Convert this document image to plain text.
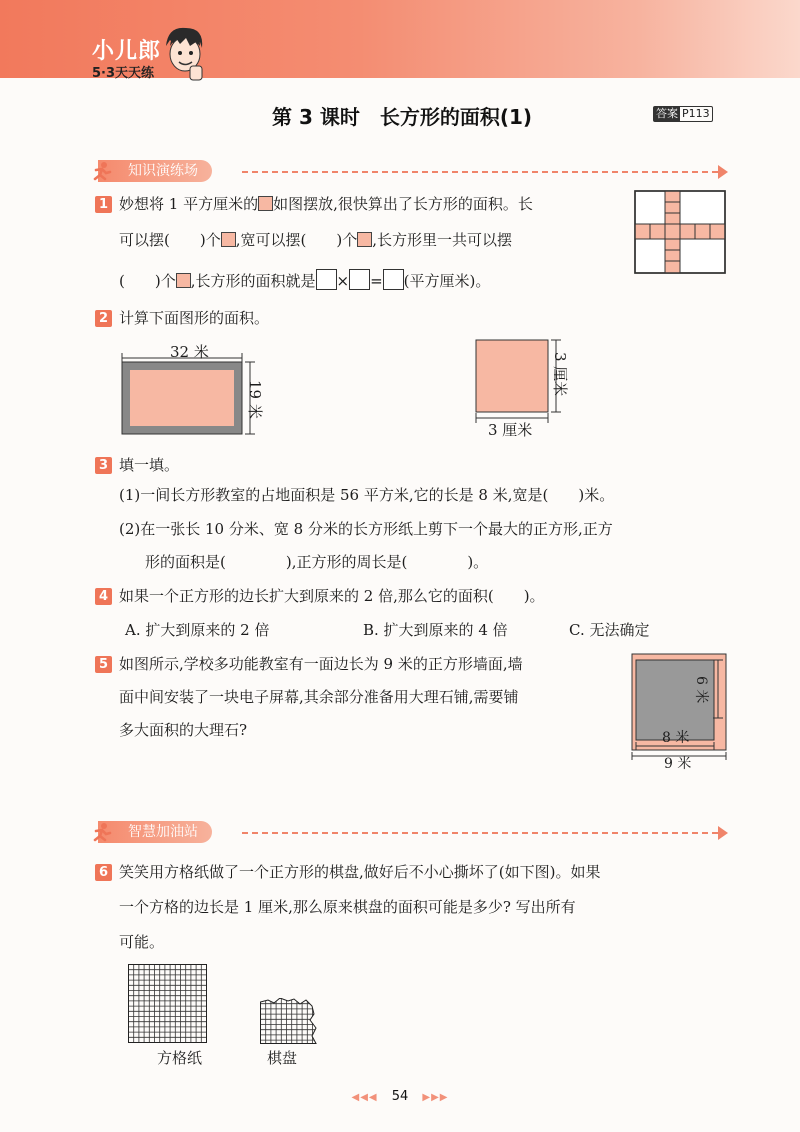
小儿郎
5·3天天练
第 3 课时　长方形的面积(1)	答案 P113
知识演练场
1 妙想将 1 平方厘米的 如图摆放,很快算出了长方形的面积。长
可以摆(　　)个 ,宽可以摆(　　)个 ,长方形里一共可以摆
(　　)个 ,长方形的面积就是 × = (平方厘米)。
2 计算下面图形的面积。
32 米
19 米
3 厘米
3 厘米
3 填一填。
(1)一间长方形教室的占地面积是 56 平方米,它的长是 8 米,宽是(　　)米。
(2)在一张长 10 分米、宽 8 分米的长方形纸上剪下一个最大的正方形,正方
形的面积是(　　　　),正方形的周长是(　　　　)。
4 如果一个正方形的边长扩大到原来的 2 倍,那么它的面积(　　)。
A. 扩大到原来的 2 倍	B. 扩大到原来的 4 倍	C. 无法确定
5 如图所示,学校多功能教室有一面边长为 9 米的正方形墙面,墙
面中间安装了一块电子屏幕,其余部分准备用大理石铺,需要铺
多大面积的大理石?
6 米
8 米
9 米
智慧加油站
6 笑笑用方格纸做了一个正方形的棋盘,做好后不小心撕坏了(如下图)。如果
一个方格的边长是 1 厘米,那么原来棋盘的面积可能是多少? 写出所有
可能。
方格纸	棋盘
◀◀◀ 54 ▶▶▶
